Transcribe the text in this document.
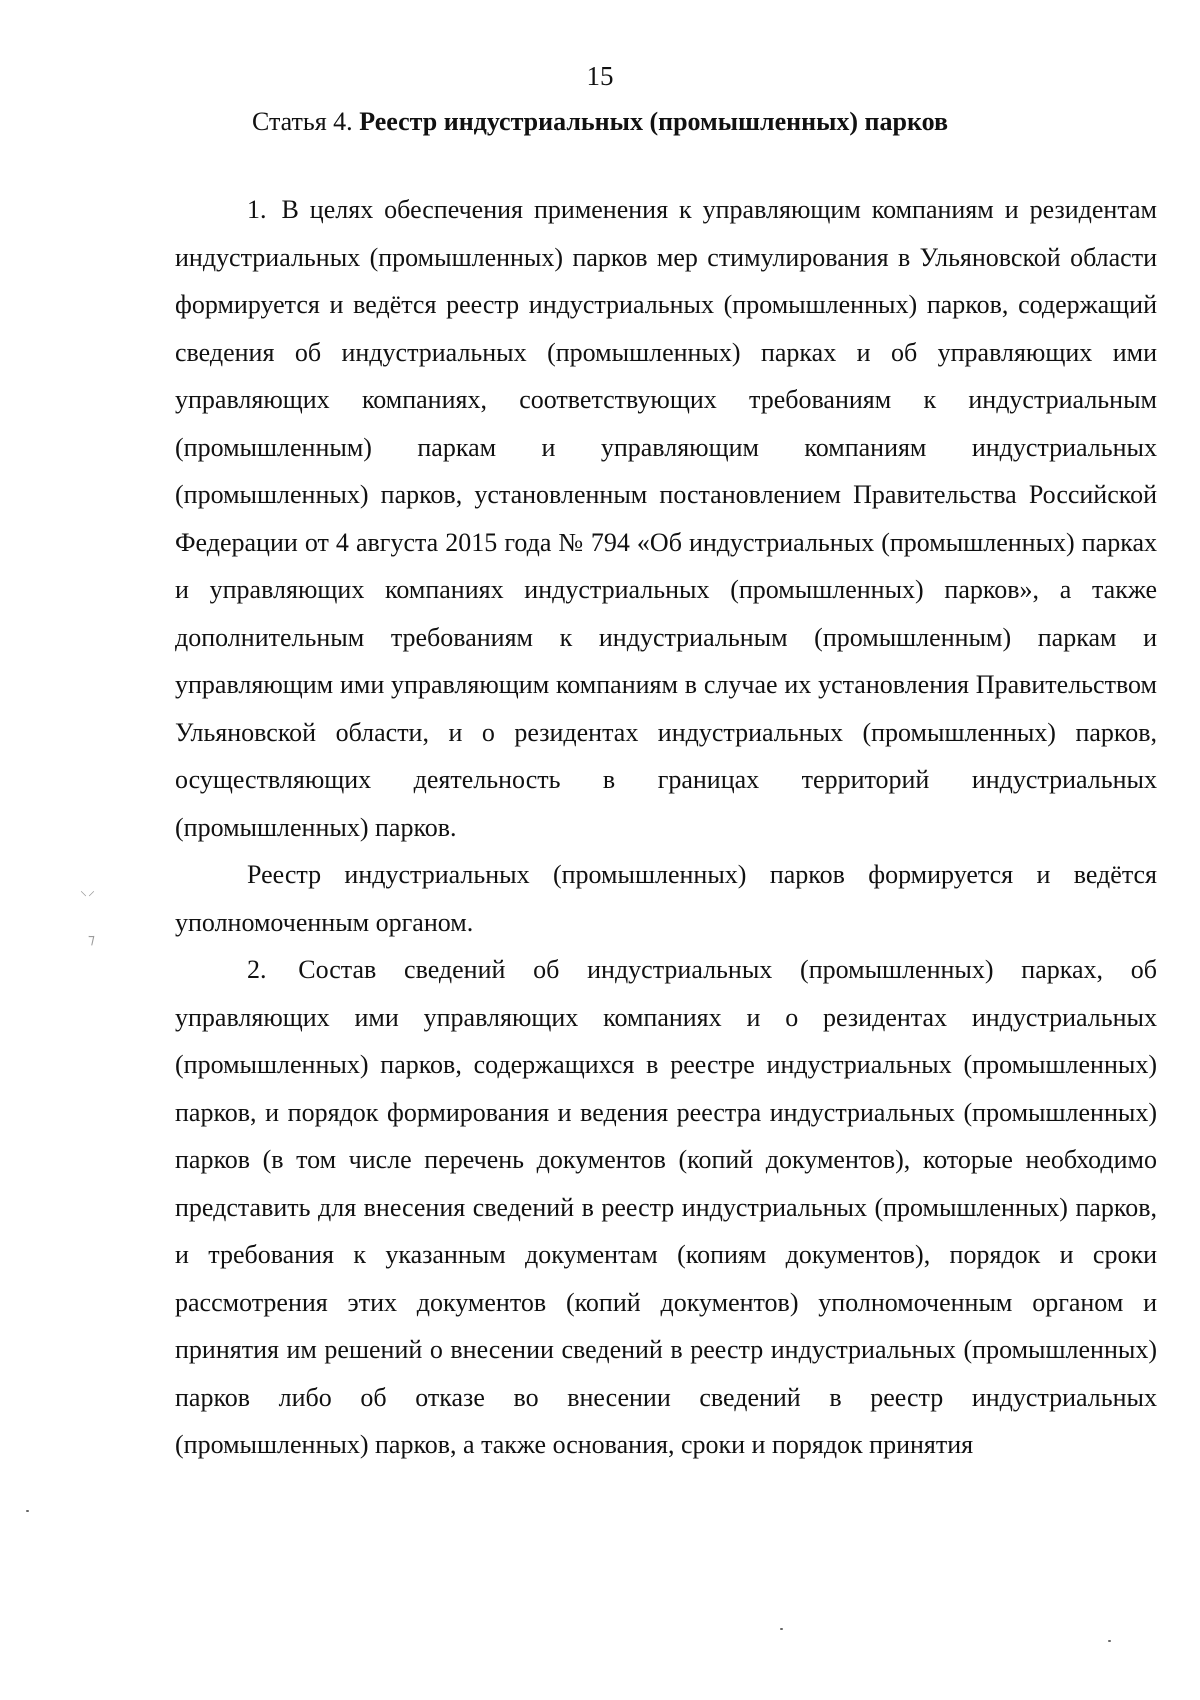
15
Статья 4. Реестр индустриальных (промышленных) парков

1. В целях обеспечения применения к управляющим компаниям и резидентам индустриальных (промышленных) парков мер стимулирования в Ульяновской области формируется и ведётся реестр индустриальных (промышленных) парков, содержащий сведения об индустриальных (промышленных) парках и об управляющих ими управляющих компаниях, соответствующих требованиям к индустриальным (промышленным) паркам и управляющим компаниям индустриальных (промышленных) парков, установленным постановлением Правительства Российской Федерации от 4 августа 2015 года № 794 «Об индустриальных (промышленных) парках и управляющих компаниях индустриальных (промышленных) парков», а также дополнительным требованиям к индустриальным (промышленным) паркам и управляющим ими управляющим компаниям в случае их установления Правительством Ульяновской области, и о резидентах индустриальных (промышленных) парков, осуществляющих деятельность в границах территорий индустриальных (промышленных) парков.

Реестр индустриальных (промышленных) парков формируется и ведётся уполномоченным органом.

2. Состав сведений об индустриальных (промышленных) парках, об управляющих ими управляющих компаниях и о резидентах индустриальных (промышленных) парков, содержащихся в реестре индустриальных (промышленных) парков, и порядок формирования и ведения реестра индустриальных (промышленных) парков (в том числе перечень документов (копий документов), которые необходимо представить для внесения сведений в реестр индустриальных (промышленных) парков, и требования к указанным документам (копиям документов), порядок и сроки рассмотрения этих документов (копий документов) уполномоченным органом и принятия им решений о внесении сведений в реестр индустриальных (промышленных) парков либо об отказе во внесении сведений в реестр индустриальных (промышленных) парков, а также основания, сроки и порядок принятия

⸌⸍
⁊
